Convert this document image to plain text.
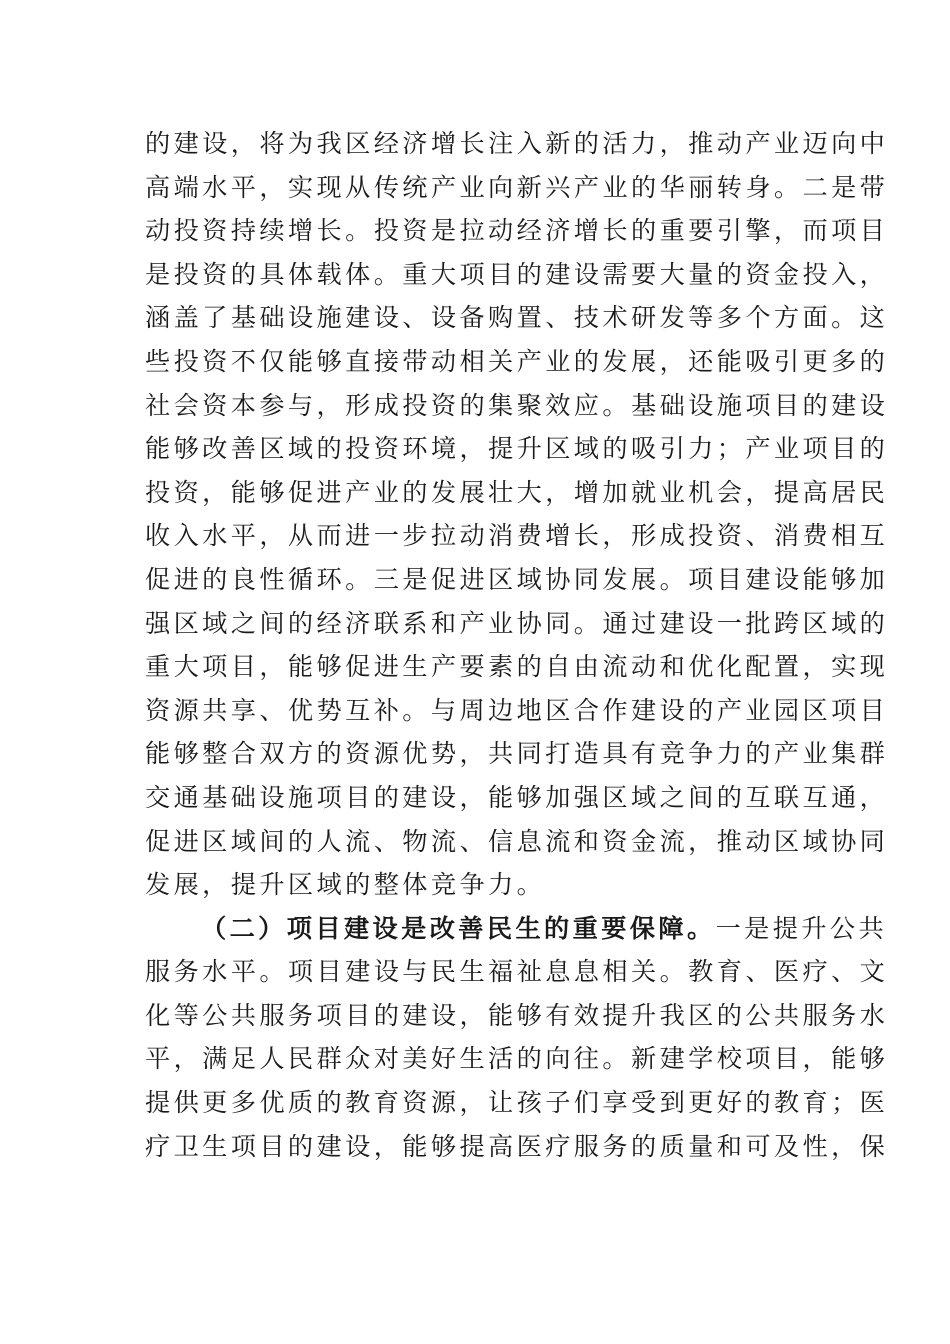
的建设，将为我区经济增长注入新的活力，推动产业迈向中
高端水平，实现从传统产业向新兴产业的华丽转身。二是带
动投资持续增长。投资是拉动经济增长的重要引擎，而项目
是投资的具体载体。重大项目的建设需要大量的资金投入，
涵盖了基础设施建设、设备购置、技术研发等多个方面。这
些投资不仅能够直接带动相关产业的发展，还能吸引更多的
社会资本参与，形成投资的集聚效应。基础设施项目的建设
能够改善区域的投资环境，提升区域的吸引力；产业项目的
投资，能够促进产业的发展壮大，增加就业机会，提高居民
收入水平，从而进一步拉动消费增长，形成投资、消费相互
促进的良性循环。三是促进区域协同发展。项目建设能够加
强区域之间的经济联系和产业协同。通过建设一批跨区域的
重大项目，能够促进生产要素的自由流动和优化配置，实现
资源共享、优势互补。与周边地区合作建设的产业园区项目
能够整合双方的资源优势，共同打造具有竞争力的产业集群
交通基础设施项目的建设，能够加强区域之间的互联互通，
促进区域间的人流、物流、信息流和资金流，推动区域协同
发展，提升区域的整体竞争力。
（二）项目建设是改善民生的重要保障。一是提升公共
服务水平。项目建设与民生福祉息息相关。教育、医疗、文
化等公共服务项目的建设，能够有效提升我区的公共服务水
平，满足人民群众对美好生活的向往。新建学校项目，能够
提供更多优质的教育资源，让孩子们享受到更好的教育；医
疗卫生项目的建设，能够提高医疗服务的质量和可及性，保
